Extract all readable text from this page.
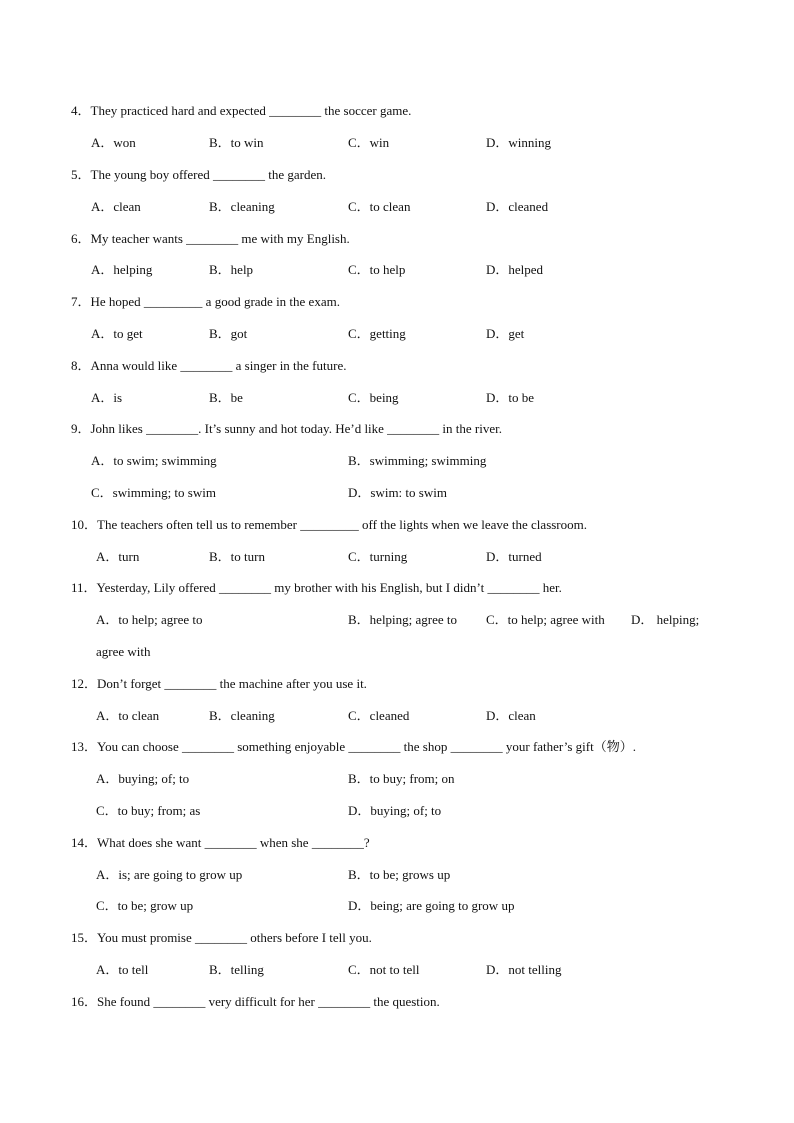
4．They practiced hard and expected ________ the soccer game.
A．won	B．to win	C．win	D．winning
5．The young boy offered ________ the garden.
A．clean	B．cleaning	C．to clean	D．cleaned
6．My teacher wants ________ me with my English.
A．helping	B．help	C．to help	D．helped
7．He hoped _________ a good grade in the exam.
A．to get	B．got	C．getting	D．get
8．Anna would like ________ a singer in the future.
A．is	B．be	C．being	D．to be
9．John likes ________. It’s sunny and hot today. He’d like ________ in the river.
A．to swim; swimming	B．swimming; swimming
C．swimming; to swim	D．swim: to swim
10．The teachers often tell us to remember _________ off the lights when we leave the classroom.
A．turn	B．to turn	C．turning	D．turned
11．Yesterday, Lily offered ________ my brother with his English, but I didn’t ________ her.
A．to help; agree to	B．helping; agree to C．to help; agree with D． helping;
agree with
12．Don’t forget ________ the machine after you use it.
A．to clean	B．cleaning	C．cleaned	D．clean
13．You can choose ________ something enjoyable ________ the shop ________ your father’s gift（物）.
A．buying; of; to	B．to buy; from; on
C．to buy; from; as	D．buying; of; to
14．What does she want ________ when she ________?
A．is; are going to grow up	B．to be; grows up
C．to be; grow up	D．being; are going to grow up
15．You must promise ________ others before I tell you.
A．to tell	B．telling	C．not to tell	D．not telling
16．She found ________ very difficult for her ________ the question.
